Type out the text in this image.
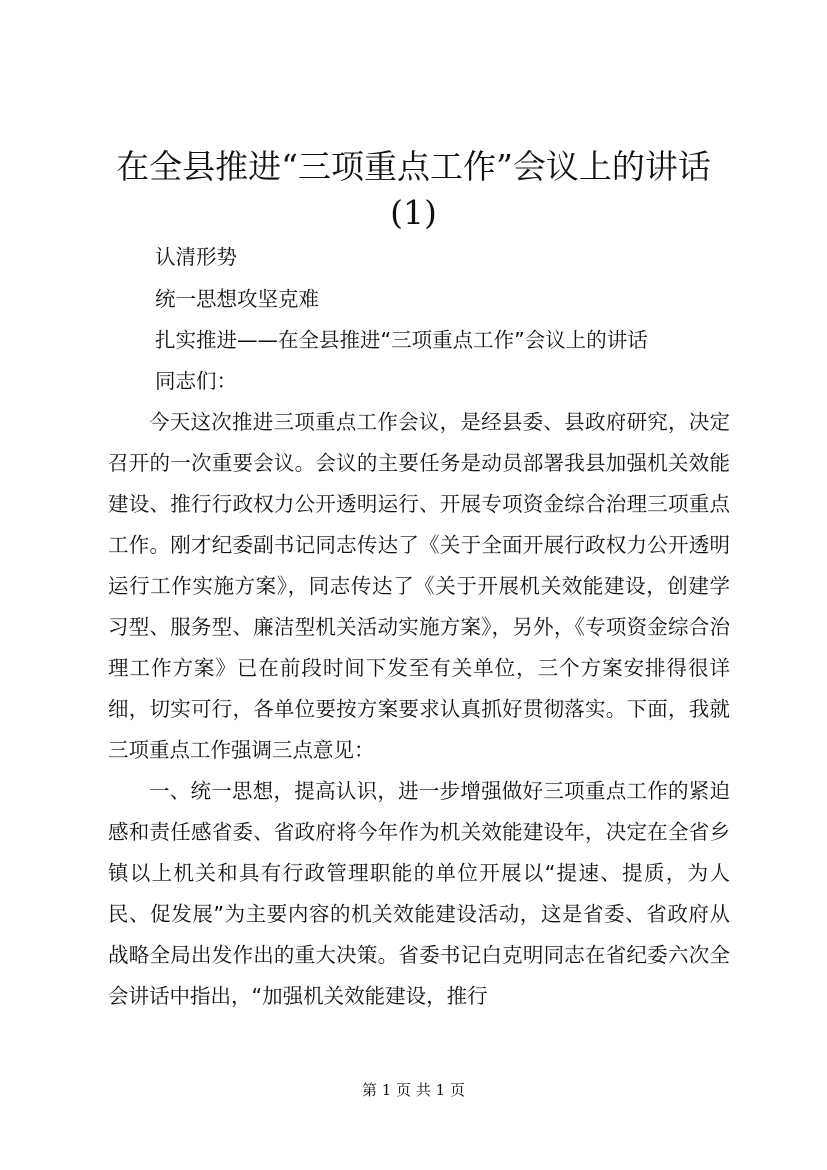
在全县推进“三项重点工作”会议上的讲话
(1)

认清形势

统一思想攻坚克难

扎实推进——在全县推进“三项重点工作”会议上的讲话

同志们：

今天这次推进三项重点工作会议，是经县委、县政府研究，决定召开的一次重要会议。会议的主要任务是动员部署我县加强机关效能建设、推行行政权力公开透明运行、开展专项资金综合治理三项重点工作。刚才纪委副书记同志传达了《关于全面开展行政权力公开透明运行工作实施方案》，同志传达了《关于开展机关效能建设，创建学习型、服务型、廉洁型机关活动实施方案》，另外，《专项资金综合治理工作方案》已在前段时间下发至有关单位，三个方案安排得很详细，切实可行，各单位要按方案要求认真抓好贯彻落实。下面，我就三项重点工作强调三点意见：

一、统一思想，提高认识，进一步增强做好三项重点工作的紧迫感和责任感省委、省政府将今年作为机关效能建设年，决定在全省乡镇以上机关和具有行政管理职能的单位开展以“提速、提质，为人民、促发展”为主要内容的机关效能建设活动，这是省委、省政府从战略全局出发作出的重大决策。省委书记白克明同志在省纪委六次全会讲话中指出，“加强机关效能建设，推行

第 1 页 共 1 页
